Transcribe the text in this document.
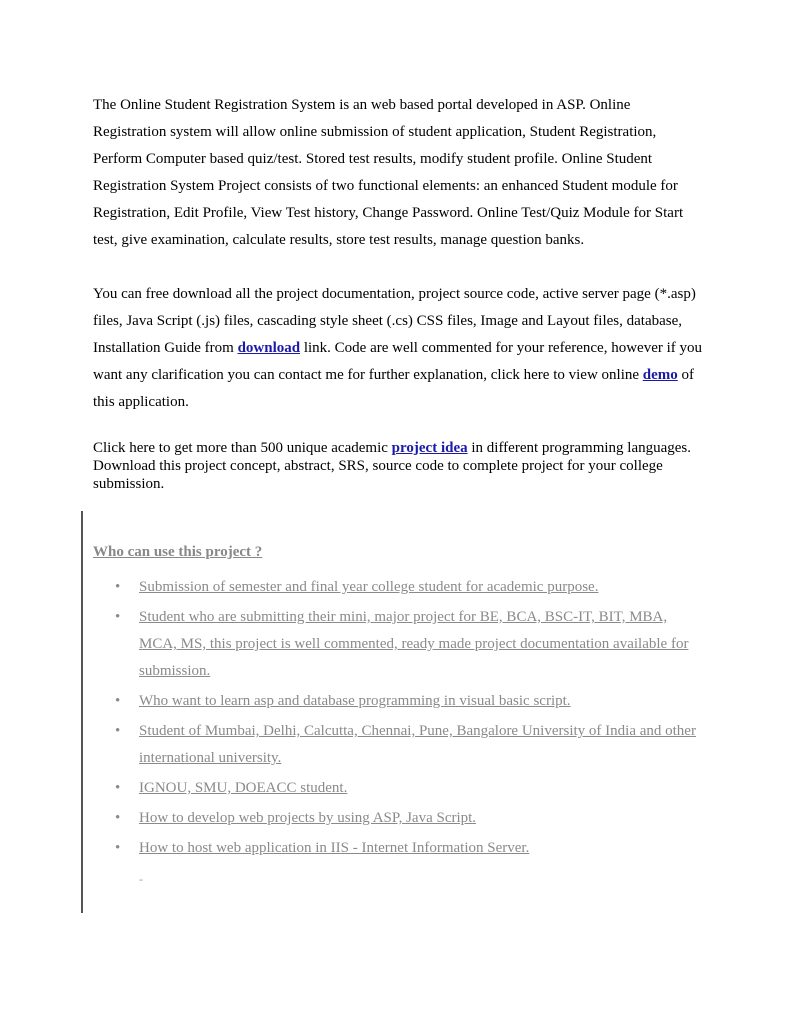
The Online Student Registration System is an web based portal developed in ASP. Online Registration system will allow online submission of student application, Student Registration, Perform Computer based quiz/test. Stored test results, modify student profile. Online Student Registration System Project consists of two functional elements: an enhanced Student module for Registration, Edit Profile, View Test history, Change Password. Online Test/Quiz Module for Start test, give examination, calculate results, store test results, manage question banks.

You can free download all the project documentation, project source code, active server page (*.asp) files, Java Script (.js) files, cascading style sheet (.cs) CSS files, Image and Layout files, database, Installation Guide from download link. Code are well commented for your reference, however if you want any clarification you can contact me for further explanation, click here to view online demo of this application.

Click here to get more than 500 unique academic project idea in different programming languages. Download this project concept, abstract, SRS, source code to complete project for your college submission.

Who can use this project ?
• Submission of semester and final year college student for academic purpose.
• Student who are submitting their mini, major project for BE, BCA, BSC-IT, BIT, MBA, MCA, MS, this project is well commented, ready made project documentation available for submission.
• Who want to learn asp and database programming in visual basic script.
• Student of Mumbai, Delhi, Calcutta, Chennai, Pune, Bangalore University of India and other international university.
• IGNOU, SMU, DOEACC student.
• How to develop web projects by using ASP, Java Script.
• How to host web application in IIS - Internet Information Server.
-
